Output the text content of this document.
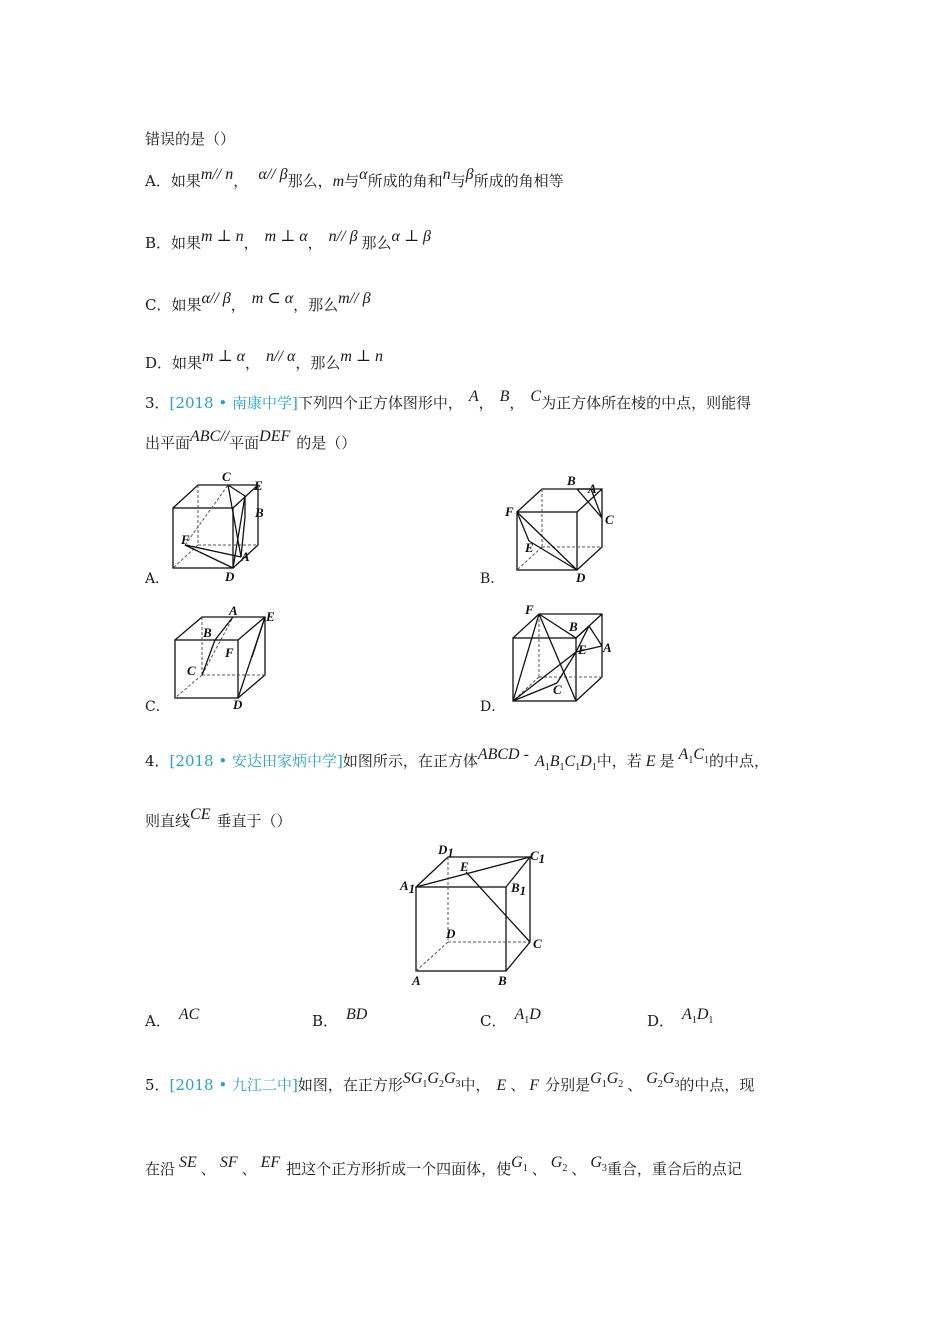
错误的是（）
A．如果m// n， α// β那么，m与α所成的角和n与β所成的角相等
B．如果m ⊥ n， m ⊥ α， n// β 那么α ⊥ β
C．如果α// β， m ⊂ α，那么m// β
D．如果m ⊥ α， n// α，那么m ⊥ n
3．[2018 • 南康中学]下列四个正方体图形中， A， B， C为正方体所在棱的中点，则能得
出平面ABC//平面DEF 的是（）
C
E
B
F
A
D
A．
B
A
C
F
E
D
B．
A
B
E
F
C
D
C．
F
B
A
E
C
D．
4．[2018 • 安达田家炳中学]如图所示，在正方体ABCD - $A_1B_1C_1D_1$中，若 E 是 $A_1C_1$的中点，
则直线CE 垂直于（）
D1	C1
E
A1	B1
D
C
A	B
A． AC	B． BD	C． $A_1D$	D． $A_1D_1$
5．[2018 • 九江二中]如图，在正方形$SG_1G_2G_3$中， E 、 F 分别是$G_1G_2$ 、 $G_2G_3$的中点，现
在沿 SE 、 SF 、 EF 把这个正方形折成一个四面体，使$G_1$ 、 $G_2$ 、 $G_3$重合，重合后的点记
